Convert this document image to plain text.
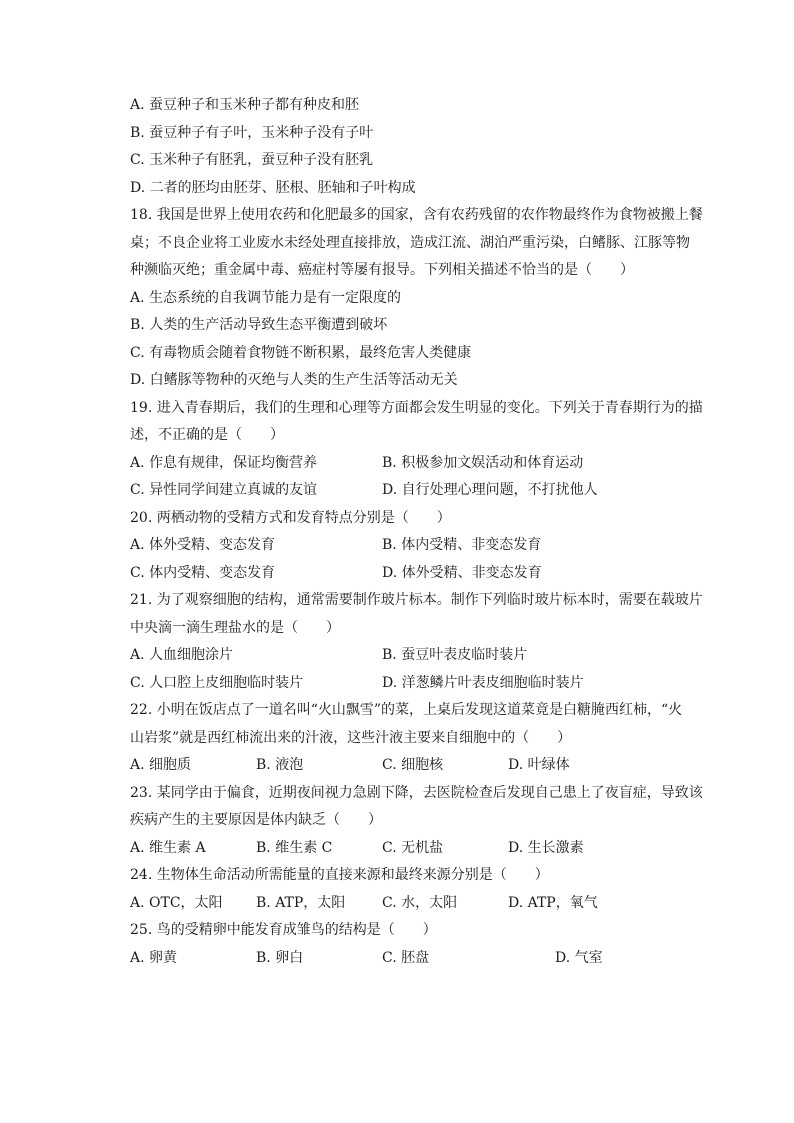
A. 蚕豆种子和玉米种子都有种皮和胚
B. 蚕豆种子有子叶，玉米种子没有子叶
C. 玉米种子有胚乳，蚕豆种子没有胚乳
D. 二者的胚均由胚芽、胚根、胚轴和子叶构成
18. 我国是世界上使用农药和化肥最多的国家，含有农药残留的农作物最终作为食物被搬上餐
桌；不良企业将工业废水未经处理直接排放，造成江流、湖泊严重污染，白鳍豚、江豚等物
种濒临灭绝；重金属中毒、癌症村等屡有报导。下列相关描述不恰当的是（　　）
A. 生态系统的自我调节能力是有一定限度的
B. 人类的生产活动导致生态平衡遭到破坏
C. 有毒物质会随着食物链不断积累，最终危害人类健康
D. 白鳍豚等物种的灭绝与人类的生产生活等活动无关
19. 进入青春期后，我们的生理和心理等方面都会发生明显的变化。下列关于青春期行为的描
述，不正确的是（　　）
A. 作息有规律，保证均衡营养	B. 积极参加文娱活动和体育运动
C. 异性同学间建立真诚的友谊	D. 自行处理心理问题，不打扰他人
20. 两栖动物的受精方式和发育特点分别是（　　）
A. 体外受精、变态发育	B. 体内受精、非变态发育
C. 体内受精、变态发育	D. 体外受精、非变态发育
21. 为了观察细胞的结构，通常需要制作玻片标本。制作下列临时玻片标本时，需要在载玻片
中央滴一滴生理盐水的是（　　）
A. 人血细胞涂片	B. 蚕豆叶表皮临时装片
C. 人口腔上皮细胞临时装片	D. 洋葱鳞片叶表皮细胞临时装片
22. 小明在饭店点了一道名叫“火山飘雪”的菜，上桌后发现这道菜竟是白糖腌西红柿，“火
山岩浆”就是西红柿流出来的汁液，这些汁液主要来自细胞中的（　　）
A. 细胞质	B. 液泡	C. 细胞核	D. 叶绿体
23. 某同学由于偏食，近期夜间视力急剧下降，去医院检查后发现自己患上了夜盲症，导致该
疾病产生的主要原因是体内缺乏（　　）
A. 维生素 A	B. 维生素 C	C. 无机盐	D. 生长激素
24. 生物体生命活动所需能量的直接来源和最终来源分别是（　　）
A. OTC，太阳 B. ATP，太阳	C. 水，太阳	D. ATP，氧气
25. 鸟的受精卵中能发育成雏鸟的结构是（　　）
A. 卵黄	B. 卵白	C. 胚盘	D. 气室
